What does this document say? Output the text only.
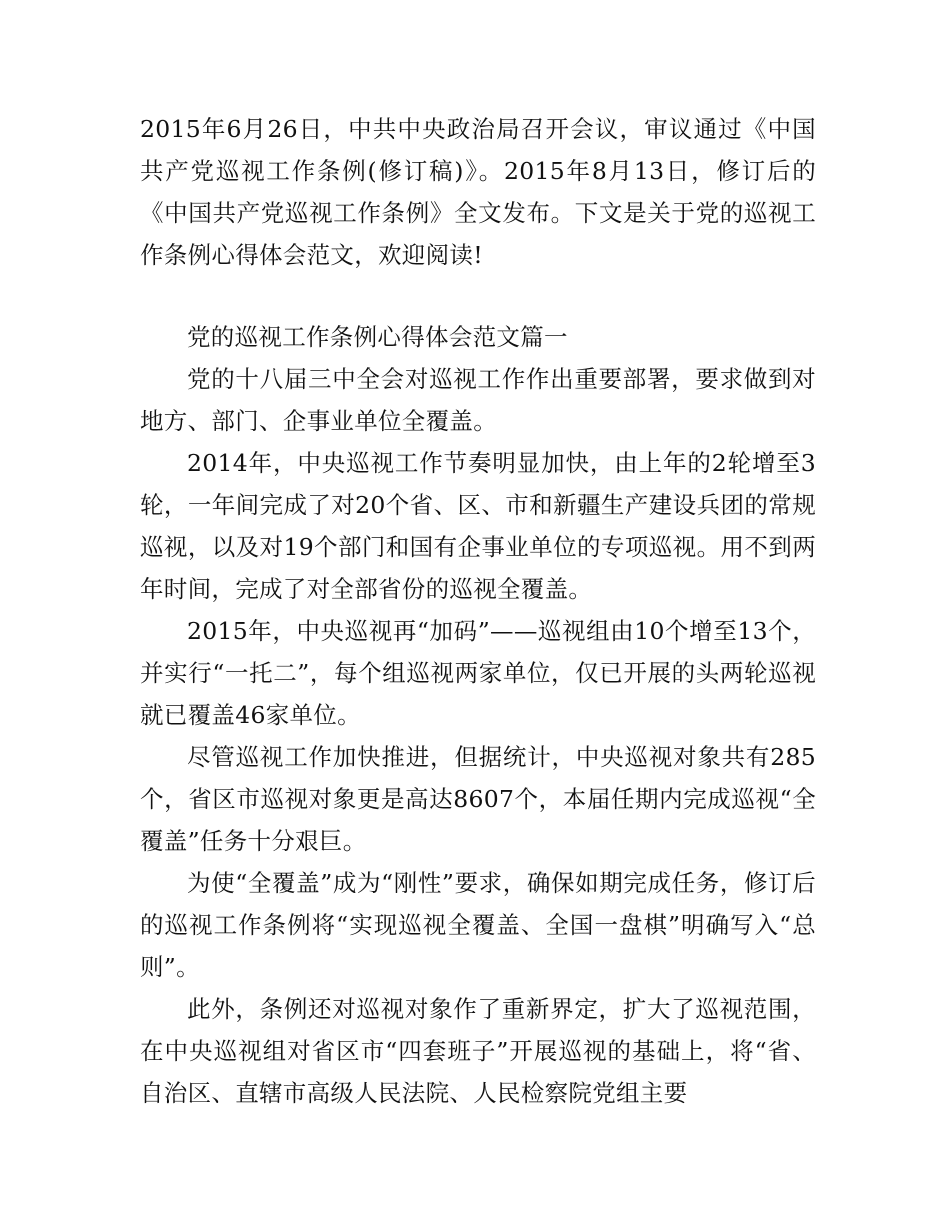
2015年6月26日，中共中央政治局召开会议，审议通过《中国共产党巡视工作条例(修订稿)》。2015年8月13日，修订后的《中国共产党巡视工作条例》全文发布。下文是关于党的巡视工作条例心得体会范文，欢迎阅读!

党的巡视工作条例心得体会范文篇一

党的十八届三中全会对巡视工作作出重要部署，要求做到对地方、部门、企事业单位全覆盖。

2014年，中央巡视工作节奏明显加快，由上年的2轮增至3轮，一年间完成了对20个省、区、市和新疆生产建设兵团的常规巡视，以及对19个部门和国有企事业单位的专项巡视。用不到两年时间，完成了对全部省份的巡视全覆盖。

2015年，中央巡视再“加码”——巡视组由10个增至13个，并实行“一托二”，每个组巡视两家单位，仅已开展的头两轮巡视就已覆盖46家单位。

尽管巡视工作加快推进，但据统计，中央巡视对象共有285个，省区市巡视对象更是高达8607个，本届任期内完成巡视“全覆盖”任务十分艰巨。

为使“全覆盖”成为“刚性”要求，确保如期完成任务，修订后的巡视工作条例将“实现巡视全覆盖、全国一盘棋”明确写入“总则”。

此外，条例还对巡视对象作了重新界定，扩大了巡视范围，在中央巡视组对省区市“四套班子”开展巡视的基础上，将“省、自治区、直辖市高级人民法院、人民检察院党组主要
